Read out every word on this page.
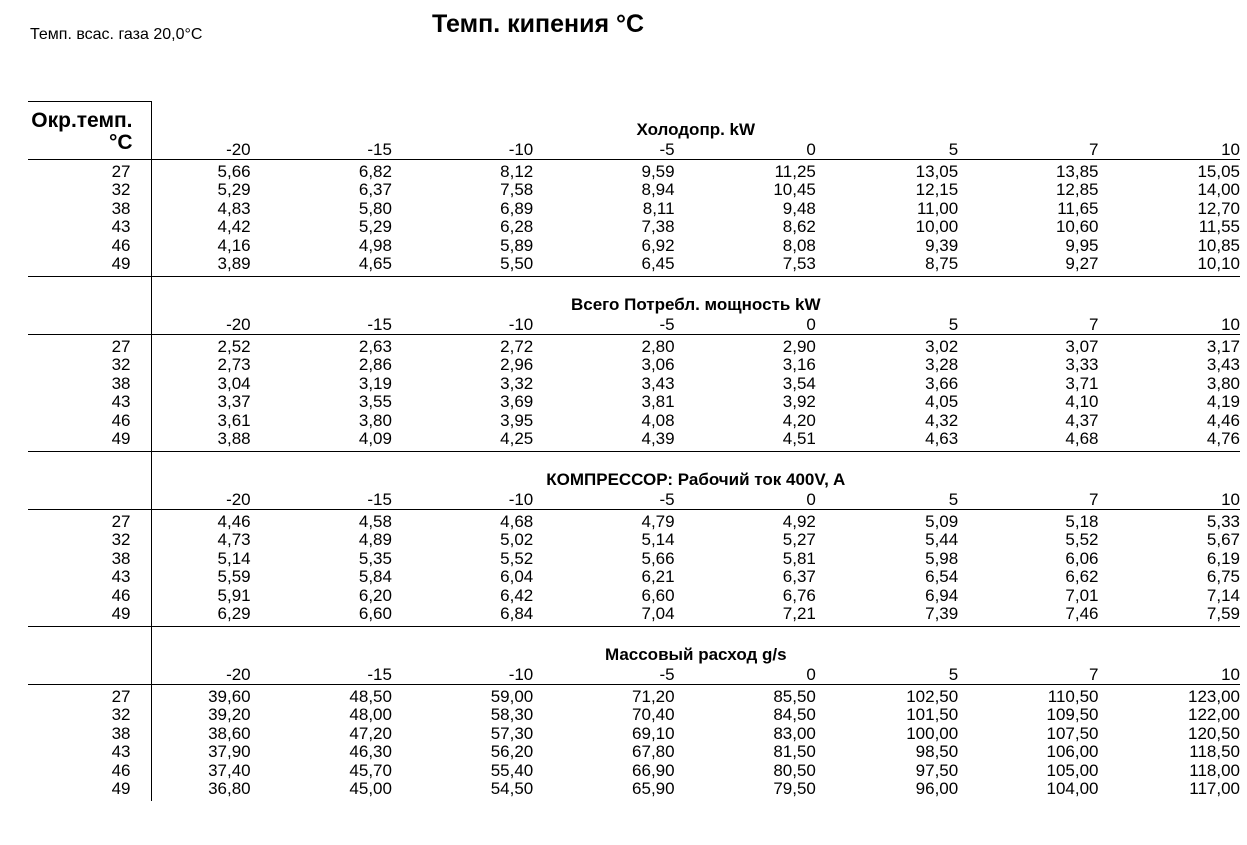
Темп. всас. газа 20,0°C	Темп. кипения °C
Окр.темп. °C	Холодопр. kW							
	-20	-15	-10	-5	0	5	7	10
27	5,66	6,82	8,12	9,59	11,25	13,05	13,85	15,05
32	5,29	6,37	7,58	8,94	10,45	12,15	12,85	14,00
38	4,83	5,80	6,89	8,11	9,48	11,00	11,65	12,70
43	4,42	5,29	6,28	7,38	8,62	10,00	10,60	11,55
46	4,16	4,98	5,89	6,92	8,08	9,39	9,95	10,85
49	3,89	4,65	5,50	6,45	7,53	8,75	9,27	10,10
	Всего Потребл. мощность kW							
	-20	-15	-10	-5	0	5	7	10
27	2,52	2,63	2,72	2,80	2,90	3,02	3,07	3,17
32	2,73	2,86	2,96	3,06	3,16	3,28	3,33	3,43
38	3,04	3,19	3,32	3,43	3,54	3,66	3,71	3,80
43	3,37	3,55	3,69	3,81	3,92	4,05	4,10	4,19
46	3,61	3,80	3,95	4,08	4,20	4,32	4,37	4,46
49	3,88	4,09	4,25	4,39	4,51	4,63	4,68	4,76
	КОМПРЕССОР: Рабочий ток 400V, A							
	-20	-15	-10	-5	0	5	7	10
27	4,46	4,58	4,68	4,79	4,92	5,09	5,18	5,33
32	4,73	4,89	5,02	5,14	5,27	5,44	5,52	5,67
38	5,14	5,35	5,52	5,66	5,81	5,98	6,06	6,19
43	5,59	5,84	6,04	6,21	6,37	6,54	6,62	6,75
46	5,91	6,20	6,42	6,60	6,76	6,94	7,01	7,14
49	6,29	6,60	6,84	7,04	7,21	7,39	7,46	7,59
	Массовый расход g/s							
	-20	-15	-10	-5	0	5	7	10
27	39,60	48,50	59,00	71,20	85,50	102,50	110,50	123,00
32	39,20	48,00	58,30	70,40	84,50	101,50	109,50	122,00
38	38,60	47,20	57,30	69,10	83,00	100,00	107,50	120,50
43	37,90	46,30	56,20	67,80	81,50	98,50	106,00	118,50
46	37,40	45,70	55,40	66,90	80,50	97,50	105,00	118,00
49	36,80	45,00	54,50	65,90	79,50	96,00	104,00	117,00
